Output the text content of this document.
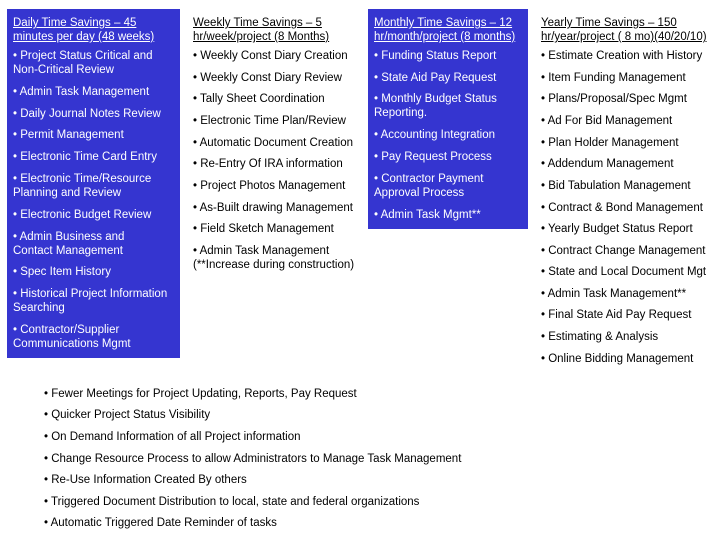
Daily Time Savings – 45
minutes per day (48 weeks)
• Project Status Critical and
Non-Critical Review
• Admin Task Management
• Daily Journal Notes Review
• Permit Management
• Electronic Time Card Entry
• Electronic Time/Resource
Planning and Review
• Electronic Budget Review
• Admin Business and
Contact Management
• Spec Item History
• Historical Project Information
Searching
• Contractor/Supplier
Communications Mgmt
Weekly Time Savings – 5
hr/week/project (8 Months)
• Weekly Const Diary Creation
• Weekly Const Diary Review
• Tally Sheet Coordination
• Electronic Time Plan/Review
• Automatic Document Creation
• Re-Entry Of IRA information
• Project Photos Management
• As-Built drawing Management
• Field Sketch Management
• Admin Task Management
(**Increase during construction)
Monthly Time Savings – 12
hr/month/project (8 months)
• Funding Status Report
• State Aid Pay Request
• Monthly Budget Status
Reporting.
• Accounting Integration
• Pay Request Process
• Contractor Payment
Approval Process
• Admin Task Mgmt**
Yearly Time Savings – 150
hr/year/project ( 8 mo)(40/20/10)
• Estimate Creation with History
• Item Funding Management
• Plans/Proposal/Spec Mgmt
• Ad For Bid Management
• Plan Holder Management
• Addendum Management
• Bid Tabulation Management
• Contract & Bond Management
• Yearly Budget Status Report
• Contract Change Management
• State and Local Document Mgt
• Admin Task Management**
• Final State Aid Pay Request
• Estimating & Analysis
• Online Bidding Management
• Fewer Meetings for Project Updating, Reports, Pay Request
• Quicker Project Status Visibility
• On Demand Information of all Project information
• Change Resource Process to allow Administrators to Manage Task Management
• Re-Use Information Created By others
• Triggered Document Distribution to local, state and federal organizations
• Automatic Triggered Date Reminder of tasks
